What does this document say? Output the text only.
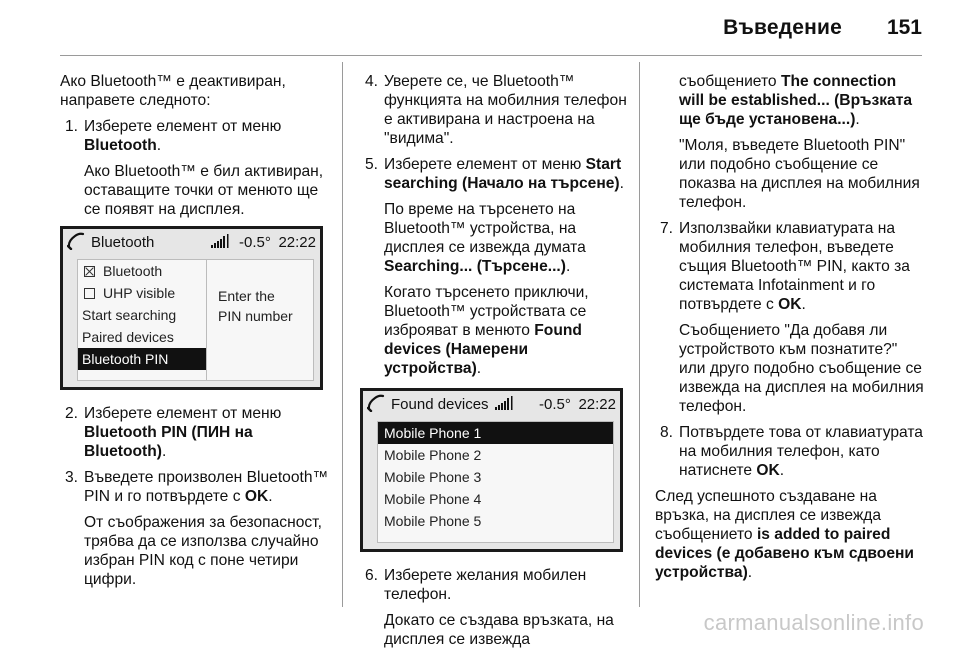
Въведение 151

Ако Bluetooth™ е деактивиран, направете следното:

1. Изберете елемент от меню Bluetooth.

Ако Bluetooth™ е бил активиран, оставащите точки от менюто ще се появят на дисплея.

Bluetooth	-0.5° 22:22
Bluetooth
UHP visible
Start searching
Paired devices
Bluetooth PIN
Enter the
PIN number
2. Изберете елемент от меню Bluetooth PIN (ПИН на Bluetooth).

3. Въведете произволен Bluetooth™ PIN и го потвърдете с OK.

От съображения за безопасност, трябва да се използва случайно избран PIN код с поне четири цифри.

4. Уверете се, че Bluetooth™ функцията на мобилния телефон е активирана и настроена на "видима".

5. Изберете елемент от меню Start searching (Начало на търсене).

По време на търсенето на Bluetooth™ устройства, на дисплея се извежда думата Searching... (Търсене...).

Когато търсенето приключи, Bluetooth™ устройствата се изброяват в менюто Found devices (Намерени устройства).

Found devices	-0.5° 22:22
Mobile Phone 1
Mobile Phone 2
Mobile Phone 3
Mobile Phone 4
Mobile Phone 5
6. Изберете желания мобилен телефон.

Докато се създава връзката, на дисплея се извежда

съобщението The connection will be established... (Връзката ще бъде установена...).

"Моля, въведете Bluetooth PIN" или подобно съобщение се показва на дисплея на мобилния телефон.

7. Използвайки клавиатурата на мобилния телефон, въведете същия Bluetooth™ PIN, както за системата Infotainment и го потвърдете с OK.

Съобщението "Да добавя ли устройството към познатите?" или друго подобно съобщение се извежда на дисплея на мобилния телефон.

8. Потвърдете това от клавиатурата на мобилния телефон, като натиснете OK.

След успешното създаване на връзка, на дисплея се извежда съобщението is added to paired devices (е добавено към сдвоени устройства).

carmanualsonline.info
